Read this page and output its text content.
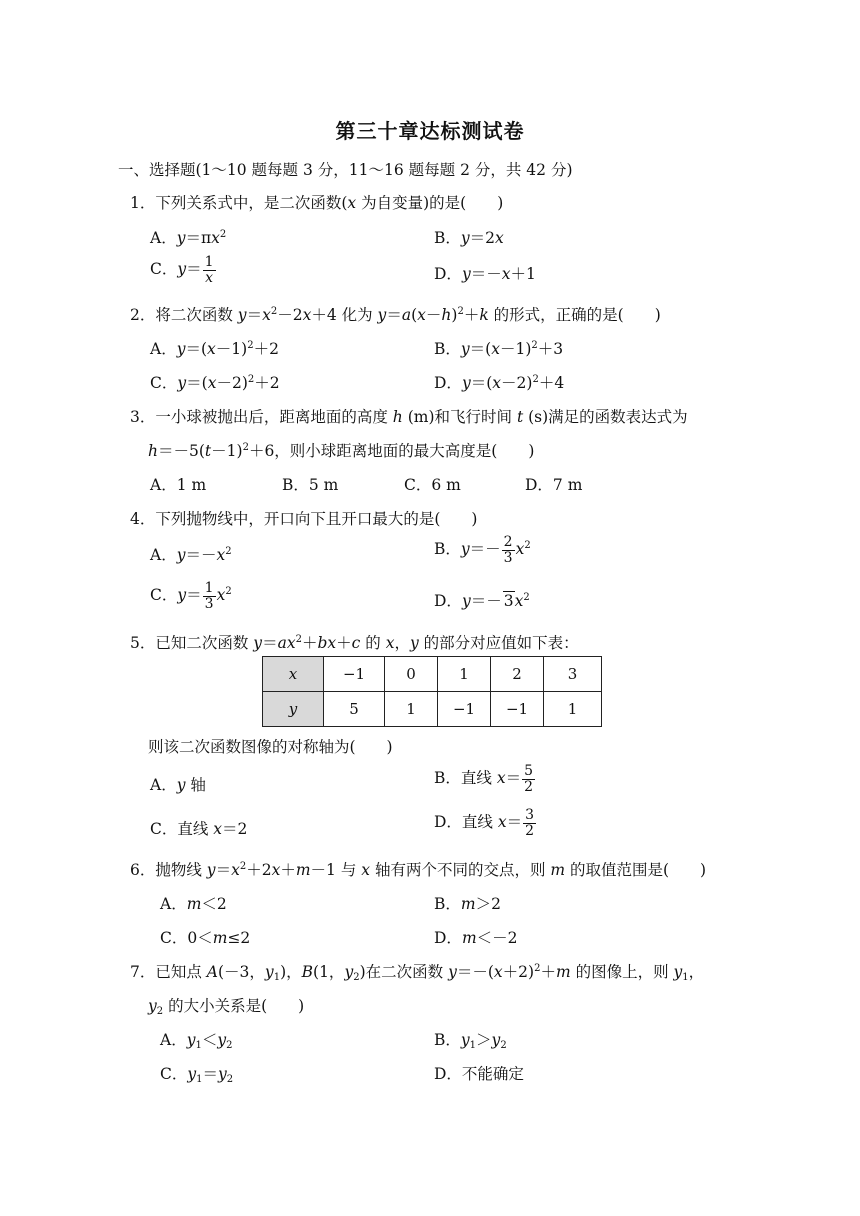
第三十章达标测试卷
一、选择题(1～10 题每题 3 分，11～16 题每题 2 分，共 42 分)
1．下列关系式中，是二次函数(x 为自变量)的是(　　)
A．$y=\pi x^2$	B．y＝2x
C．$y= \frac{1}{x}$	D．y＝－x＋1
2．将二次函数 $y=x^2-2x+4$ 化为 $y=a(x-h)^2+k$ 的形式，正确的是(　　)
A．$y=(x-1)^2+2$	B．$y=(x-1)^2+3$
C．$y=(x-2)^2+2$	D．$y=(x-2)^2+4$
3．一小球被抛出后，距离地面的高度 h (m)和飞行时间 t (s)满足的函数表达式为
$h=-5(t-1)^2+6$，则小球距离地面的最大高度是(　　)
A．1 m	B．5 m	C．6 m	D．7 m
4．下列抛物线中，开口向下且开口最大的是(　　)
A．$y=-x^2$	B．$y=- \frac{2}{3} x^2$
C．$y= \frac{1}{3} x^2$
D．$y=- 3x^2$
5．已知二次函数 $y=ax^2+bx+c$ 的 x，y 的部分对应值如下表：
x	−1	0	1	2	3
y	5	1	−1	−1	1
则该二次函数图像的对称轴为(　　)
A．y 轴	B．直线 $x= \frac{5}{2}$
C．直线 x＝2	D．直线 $x= \frac{3}{2}$
6．抛物线 $y=x^2+2x+m-1$ 与 x 轴有两个不同的交点，则 m 的取值范围是(　　)
A．m＜2	B．m＞2
C．0＜m≤2	D．m＜－2
7．已知点 A(－3，$y_1$)，B(1，$y_2$)在二次函数 $y=-(x+2)^2+m$ 的图像上，则 $y_1$，
$y_2$ 的大小关系是(　　)
A．$y_1<y_2$	B．$y_1>y_2$
C．$y_1=y_2$	D．不能确定
